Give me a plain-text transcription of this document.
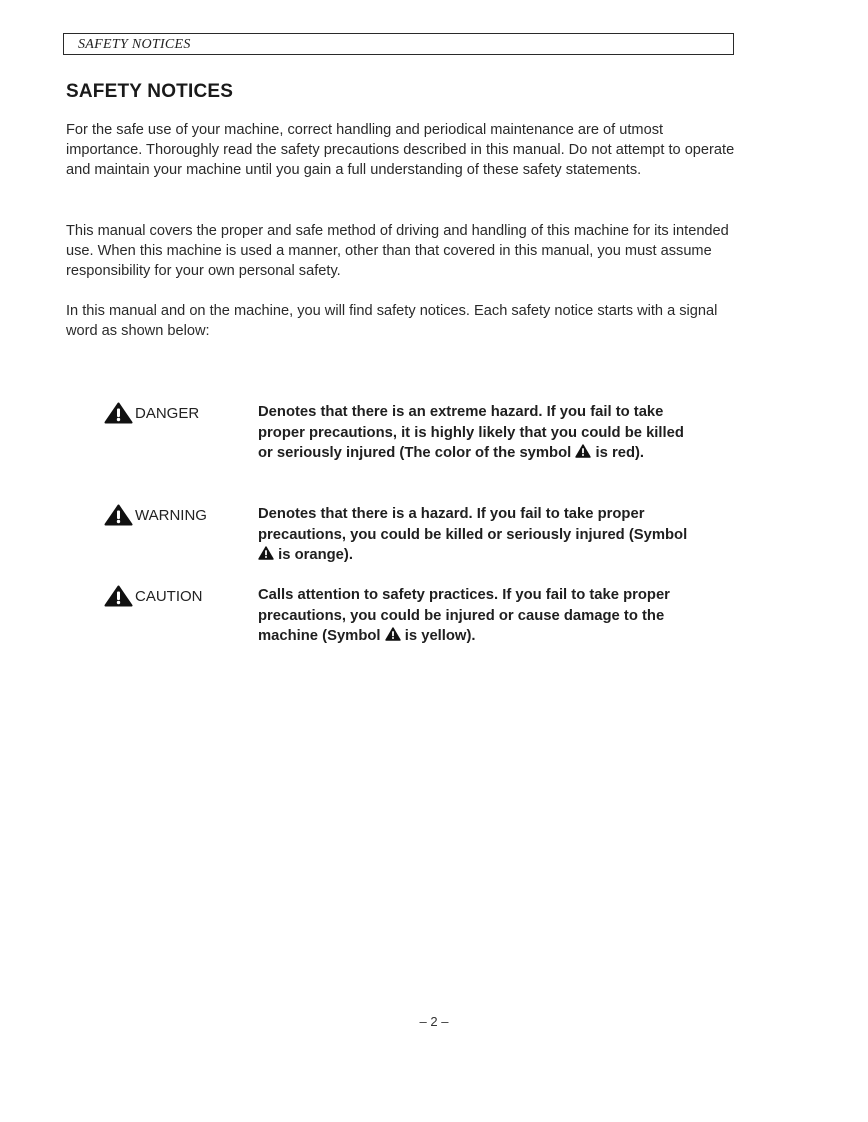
SAFETY NOTICES
SAFETY NOTICES

For the safe use of your machine, correct handling and periodical maintenance are of utmost importance. Thoroughly read the safety precautions described in this manual. Do not attempt to operate and maintain your machine until you gain a full understanding of these safety statements.

This manual covers the proper and safe method of driving and handling of this machine for its intended use. When this machine is used a manner, other than that covered in this manual, you must assume responsibility for your own personal safety.

In this manual and on the machine, you will find safety notices. Each safety notice starts with a signal word as shown below:

DANGER	Denotes that there is an extreme hazard. If you fail to take proper precautions, it is highly likely that you could be killed or seriously injured (The color of the symbol is red).

WARNING	Denotes that there is a hazard. If you fail to take proper precautions, you could be killed or seriously injured (Symbol  is orange).

CAUTION	Calls attention to safety practices. If you fail to take proper precautions, you could be injured or cause damage to the machine (Symbol is yellow).

– 2 –
